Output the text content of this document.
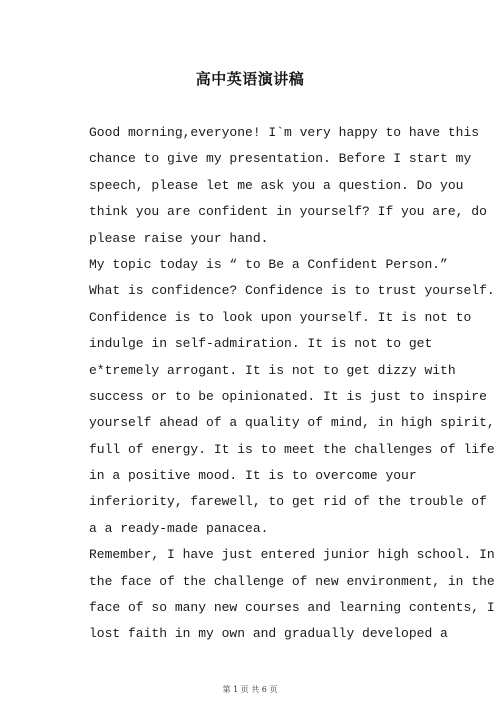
高中英语演讲稿
Good morning,everyone! I`m very happy to have this
chance to give my presentation. Before I start my
speech, please let me ask you a question. Do you
think you are confident in yourself? If you are, do
please raise your hand.
My topic today is “ to Be a Confident Person.”
What is confidence? Confidence is to trust yourself.
Confidence is to look upon yourself. It is not to
indulge in self-admiration. It is not to get
e*tremely arrogant. It is not to get dizzy with
success or to be opinionated. It is just to inspire
yourself ahead of a quality of mind, in high spirit,
full of energy. It is to meet the challenges of life
in a positive mood. It is to overcome your
inferiority, farewell, to get rid of the trouble of
a a ready-made panacea.
Remember, I have just entered junior high school. In
the face of the challenge of new environment, in the
face of so many new courses and learning contents, I
lost faith in my own and gradually developed a
第 1 页 共 6 页
